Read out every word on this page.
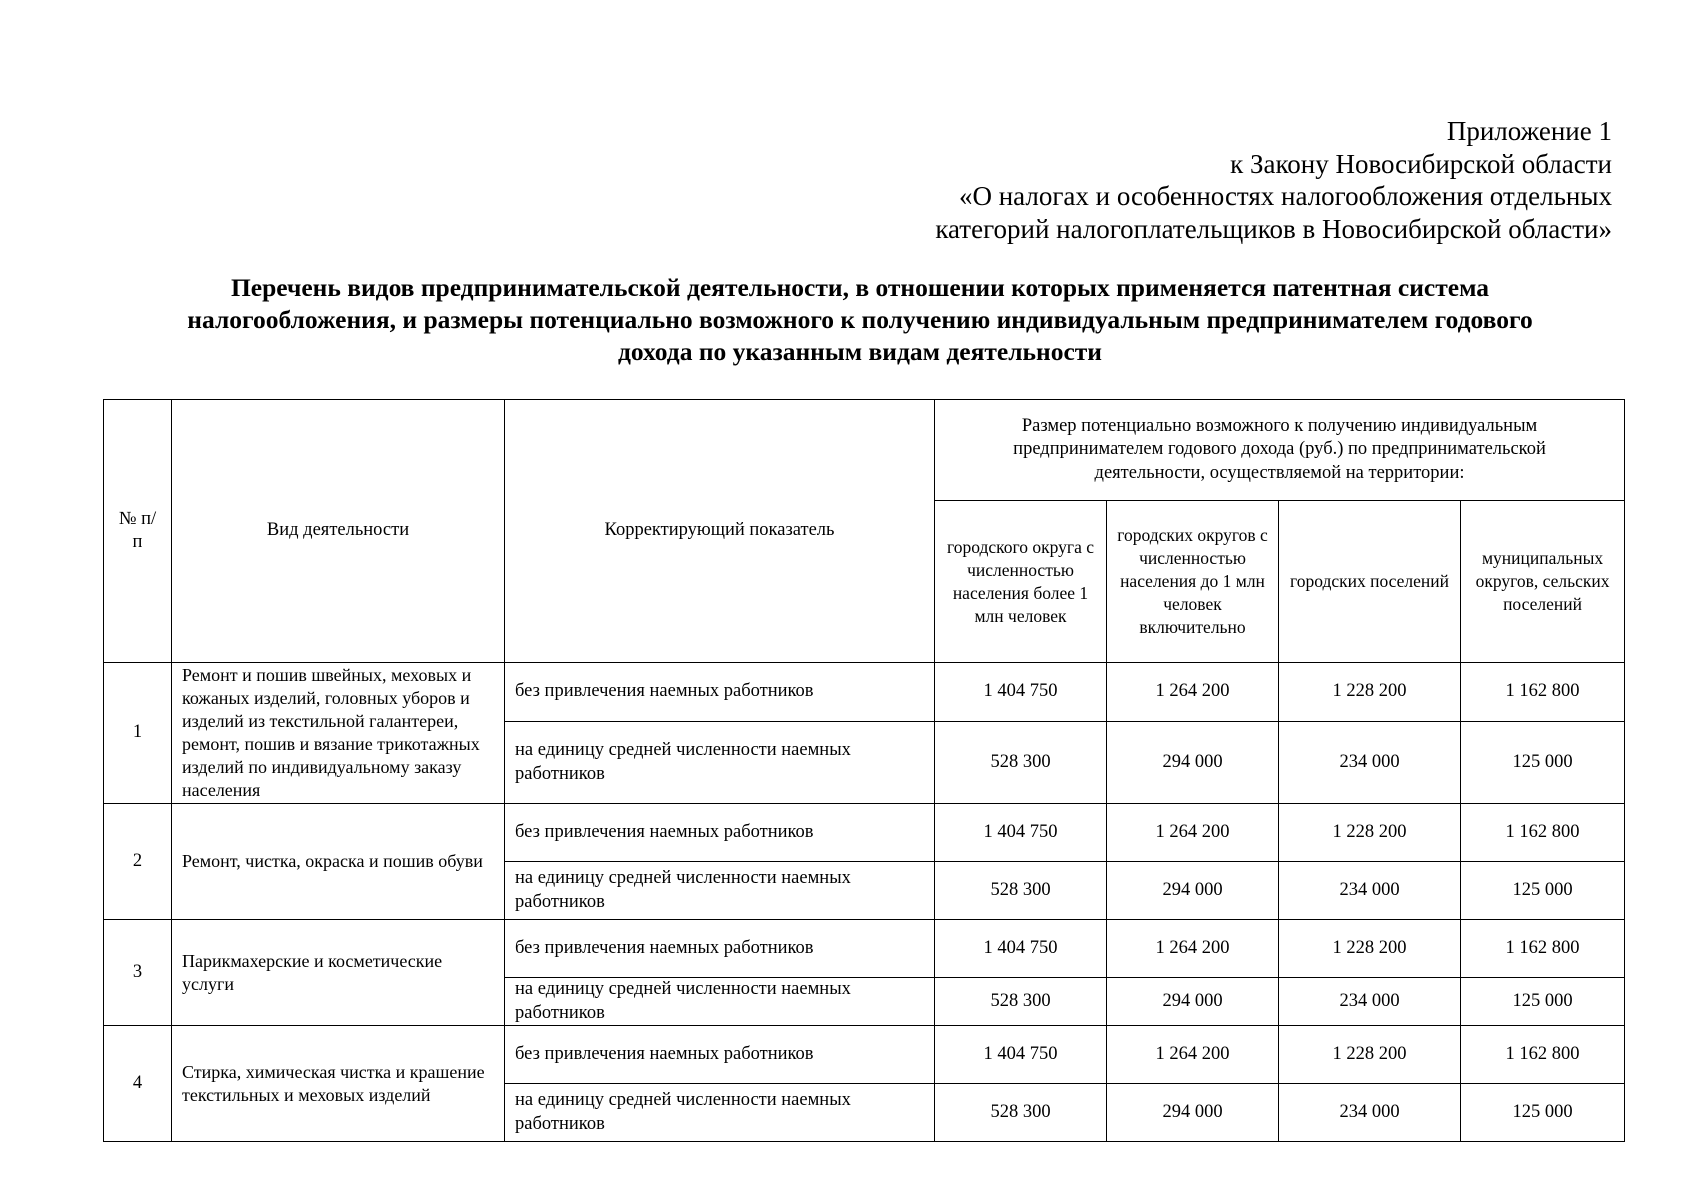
Приложение 1
к Закону Новосибирской области
«О налогах и особенностях налогообложения отдельных
категорий налогоплательщиков в Новосибирской области»
Перечень видов предпринимательской деятельности, в отношении которых применяется патентная система
налогообложения, и размеры потенциально возможного к получению индивидуальным предпринимателем годового
дохода по указанным видам деятельности
№ п/п	Вид деятельности	Корректирующий показатель	Размер потенциально возможного к получению индивидуальным предпринимателем годового дохода (руб.) по предпринимательской деятельности, осуществляемой на территории:			
			городского округа с численностью населения более 1 млн человек	городских округов с численностью населения до 1 млн человек включительно	городских поселений	муниципальных округов, сельских поселений
1	Ремонт и пошив швейных, меховых и кожаных изделий, головных уборов и изделий из текстильной галантереи, ремонт, пошив и вязание трикотажных изделий по индивидуальному заказу населения	без привлечения наемных работников	1 404 750	1 264 200	1 228 200	1 162 800
		на единицу средней численности наемных работников	528 300	294 000	234 000	125 000
2	Ремонт, чистка, окраска и пошив обуви	без привлечения наемных работников	1 404 750	1 264 200	1 228 200	1 162 800
		на единицу средней численности наемных работников	528 300	294 000	234 000	125 000
3	Парикмахерские и косметические услуги	без привлечения наемных работников	1 404 750	1 264 200	1 228 200	1 162 800
		на единицу средней численности наемных работников	528 300	294 000	234 000	125 000
4	Стирка, химическая чистка и крашение текстильных и меховых изделий	без привлечения наемных работников	1 404 750	1 264 200	1 228 200	1 162 800
		на единицу средней численности наемных работников	528 300	294 000	234 000	125 000
